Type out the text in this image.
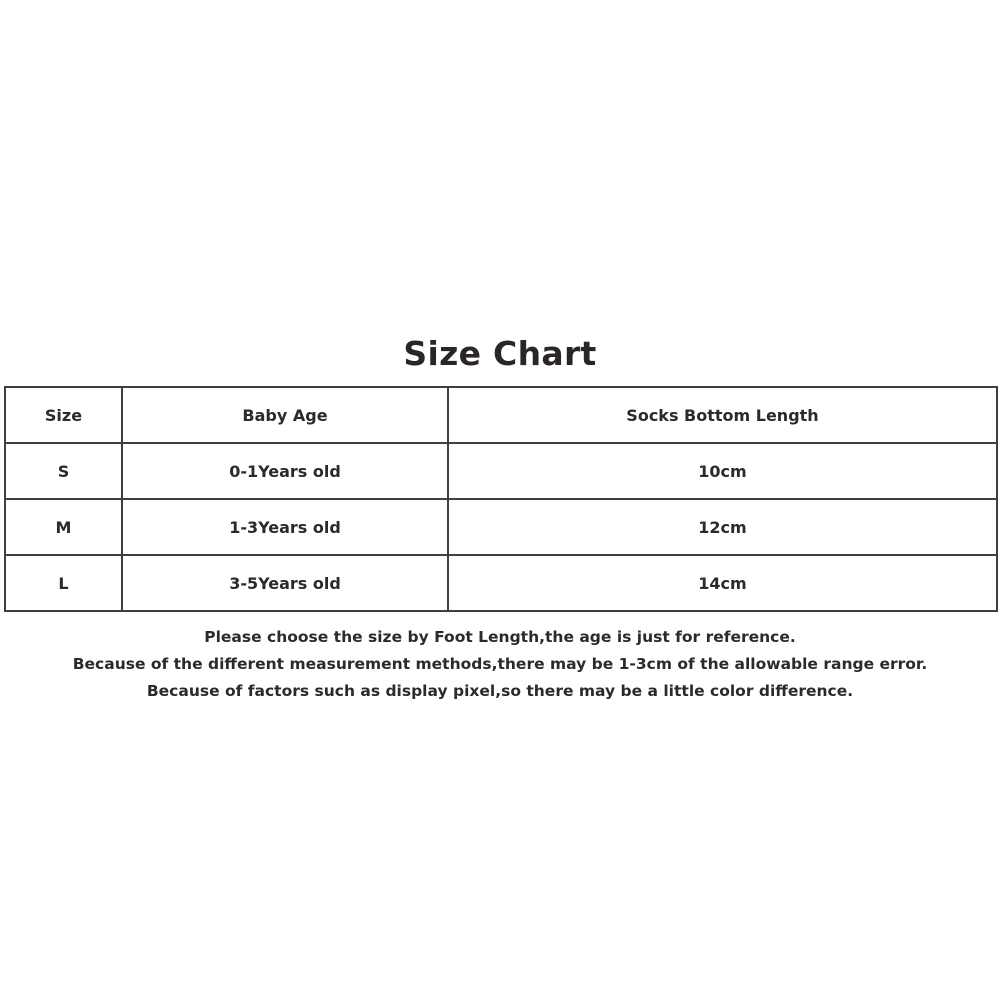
Size Chart
Size	Baby Age	Socks Bottom Length
S	0-1Years old	10cm
M	1-3Years old	12cm
L	3-5Years old	14cm
Please choose the size by Foot Length,the age is just for reference.
Because of the different measurement methods,there may be 1-3cm of the allowable range error.
Because of factors such as display pixel,so there may be a little color difference.
